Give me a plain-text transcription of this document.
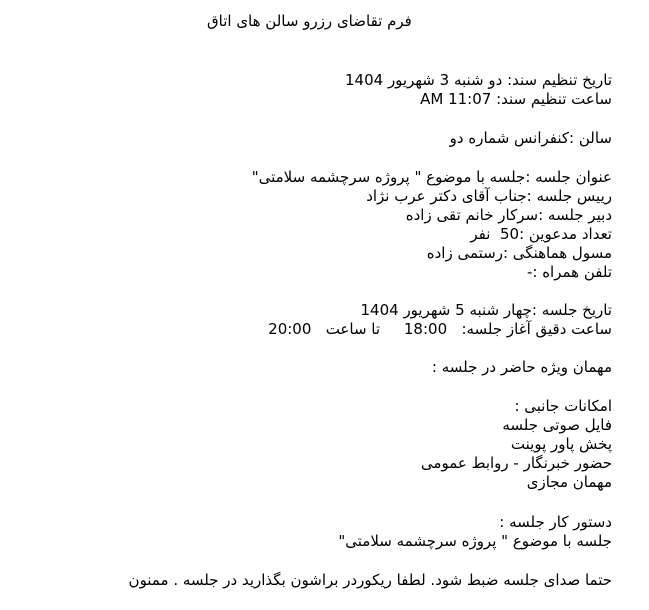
فرم تقاضای رزرو سالن های اتاق
تاریخ تنظیم سند: دو شنبه 3 شهریور 1404
ساعت تنظیم سند: 11:07 AM
سالن :کنفرانس شماره دو
عنوان جلسه :جلسه با موضوع " پروژه سرچشمه سلامتی"
رییس جلسه :جناب آقای دکتر عرب نژاد
دبیر جلسه :سرکار خانم تقی زاده
تعداد مدعوین :50  نفر
مسول هماهنگی :رستمی زاده
تلفن همراه :-
تاریخ جلسه :چهار شنبه 5 شهریور 1404
ساعت دقیق آغاز جلسه:   18:00     تا ساعت   20:00
مهمان ویژه حاضر در جلسه :
امکانات جانبی :
فایل صوتی جلسه
پخش پاور پوینت
حضور خبرنگار - روابط عمومی
مهمان مجازی
دستور کار جلسه :
جلسه با موضوع " پروژه سرچشمه سلامتی"
حتما صدای جلسه ضبط شود. لطفا ریکوردر براشون بگذارید در جلسه . ممنون
